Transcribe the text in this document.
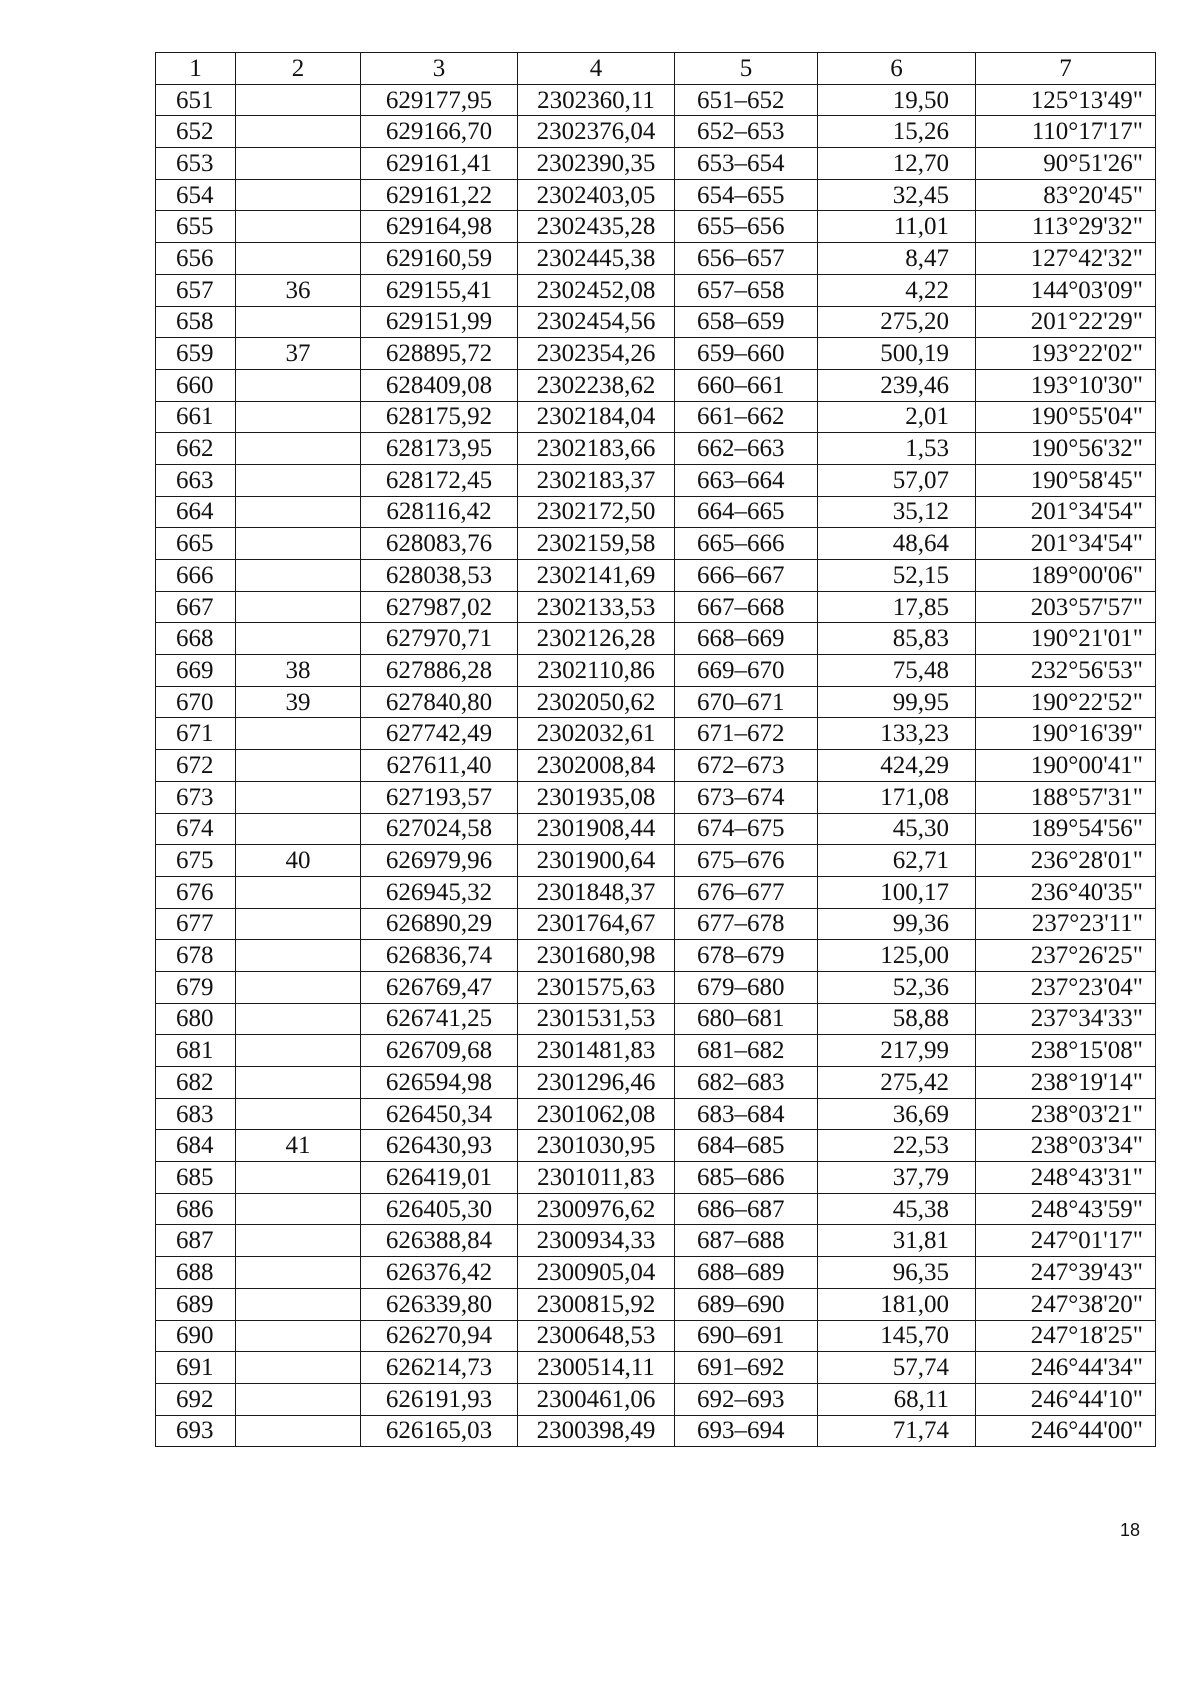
1	2	3	4	5	6	7
651		629177,95	2302360,11	651–652	19,50	125°13'49"
652		629166,70	2302376,04	652–653	15,26	110°17'17"
653		629161,41	2302390,35	653–654	12,70	90°51'26"
654		629161,22	2302403,05	654–655	32,45	83°20'45"
655		629164,98	2302435,28	655–656	11,01	113°29'32"
656		629160,59	2302445,38	656–657	8,47	127°42'32"
657	36	629155,41	2302452,08	657–658	4,22	144°03'09"
658		629151,99	2302454,56	658–659	275,20	201°22'29"
659	37	628895,72	2302354,26	659–660	500,19	193°22'02"
660		628409,08	2302238,62	660–661	239,46	193°10'30"
661		628175,92	2302184,04	661–662	2,01	190°55'04"
662		628173,95	2302183,66	662–663	1,53	190°56'32"
663		628172,45	2302183,37	663–664	57,07	190°58'45"
664		628116,42	2302172,50	664–665	35,12	201°34'54"
665		628083,76	2302159,58	665–666	48,64	201°34'54"
666		628038,53	2302141,69	666–667	52,15	189°00'06"
667		627987,02	2302133,53	667–668	17,85	203°57'57"
668		627970,71	2302126,28	668–669	85,83	190°21'01"
669	38	627886,28	2302110,86	669–670	75,48	232°56'53"
670	39	627840,80	2302050,62	670–671	99,95	190°22'52"
671		627742,49	2302032,61	671–672	133,23	190°16'39"
672		627611,40	2302008,84	672–673	424,29	190°00'41"
673		627193,57	2301935,08	673–674	171,08	188°57'31"
674		627024,58	2301908,44	674–675	45,30	189°54'56"
675	40	626979,96	2301900,64	675–676	62,71	236°28'01"
676		626945,32	2301848,37	676–677	100,17	236°40'35"
677		626890,29	2301764,67	677–678	99,36	237°23'11"
678		626836,74	2301680,98	678–679	125,00	237°26'25"
679		626769,47	2301575,63	679–680	52,36	237°23'04"
680		626741,25	2301531,53	680–681	58,88	237°34'33"
681		626709,68	2301481,83	681–682	217,99	238°15'08"
682		626594,98	2301296,46	682–683	275,42	238°19'14"
683		626450,34	2301062,08	683–684	36,69	238°03'21"
684	41	626430,93	2301030,95	684–685	22,53	238°03'34"
685		626419,01	2301011,83	685–686	37,79	248°43'31"
686		626405,30	2300976,62	686–687	45,38	248°43'59"
687		626388,84	2300934,33	687–688	31,81	247°01'17"
688		626376,42	2300905,04	688–689	96,35	247°39'43"
689		626339,80	2300815,92	689–690	181,00	247°38'20"
690		626270,94	2300648,53	690–691	145,70	247°18'25"
691		626214,73	2300514,11	691–692	57,74	246°44'34"
692		626191,93	2300461,06	692–693	68,11	246°44'10"
693		626165,03	2300398,49	693–694	71,74	246°44'00"
18
